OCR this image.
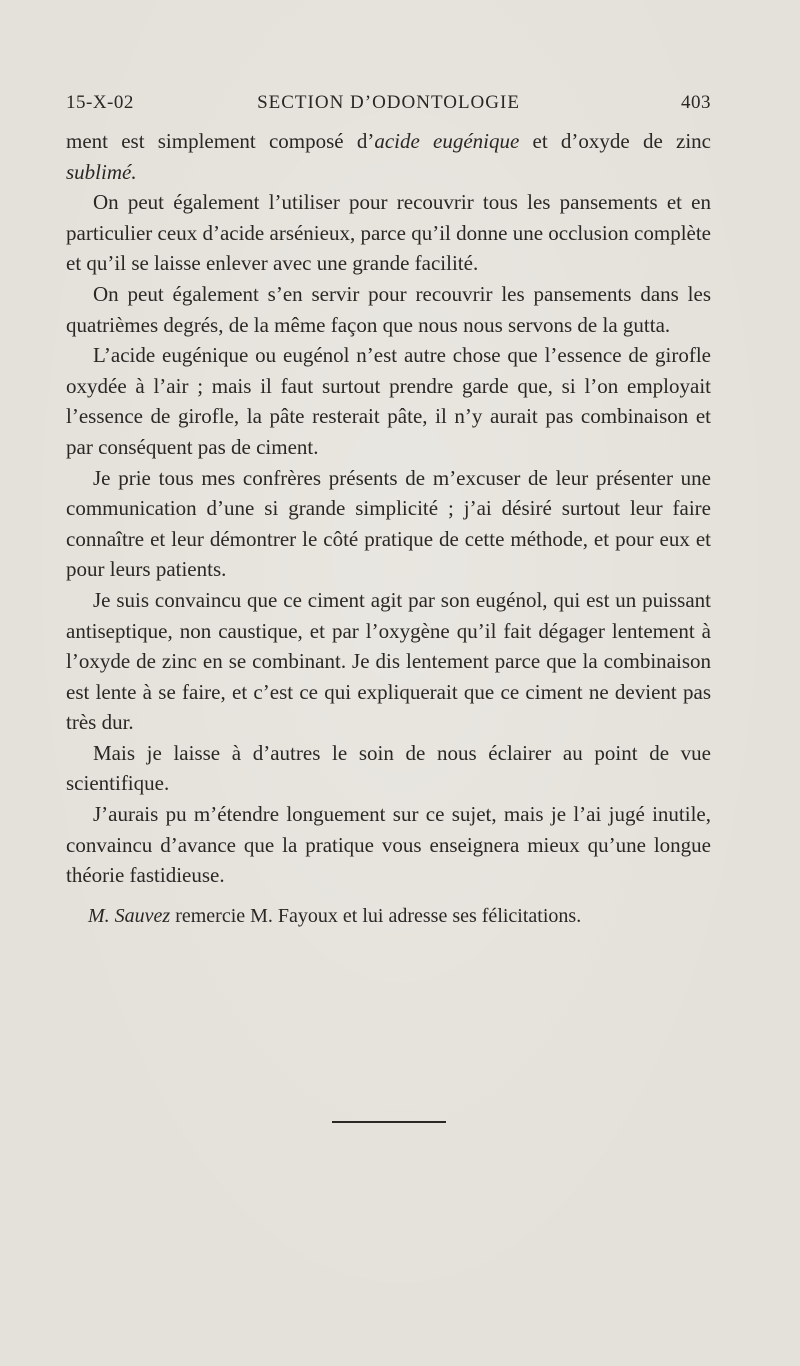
15-X-02	SECTION D’ODONTOLOGIE	403

ment est simplement composé d’acide eugénique et d’oxyde de zinc sublimé.

On peut également l’utiliser pour recouvrir tous les pansements et en particulier ceux d’acide arsénieux, parce qu’il donne une occlusion complète et qu’il se laisse enlever avec une grande facilité.

On peut également s’en servir pour recouvrir les pansements dans les quatrièmes degrés, de la même façon que nous nous servons de la gutta.

L’acide eugénique ou eugénol n’est autre chose que l’essence de girofle oxydée à l’air ; mais il faut surtout prendre garde que, si l’on employait l’essence de girofle, la pâte resterait pâte, il n’y aurait pas combinaison et par conséquent pas de ciment.

Je prie tous mes confrères présents de m’excuser de leur présenter une communication d’une si grande simplicité ; j’ai désiré surtout leur faire connaître et leur démontrer le côté pratique de cette méthode, et pour eux et pour leurs patients.

Je suis convaincu que ce ciment agit par son eugénol, qui est un puissant antiseptique, non caustique, et par l’oxygène qu’il fait dégager lentement à l’oxyde de zinc en se combinant. Je dis lentement parce que la combinaison est lente à se faire, et c’est ce qui expliquerait que ce ciment ne devient pas très dur.

Mais je laisse à d’autres le soin de nous éclairer au point de vue scientifique.

J’aurais pu m’étendre longuement sur ce sujet, mais je l’ai jugé inutile, convaincu d’avance que la pratique vous enseignera mieux qu’une longue théorie fastidieuse.

M. Sauvez remercie M. Fayoux et lui adresse ses félicitations.
